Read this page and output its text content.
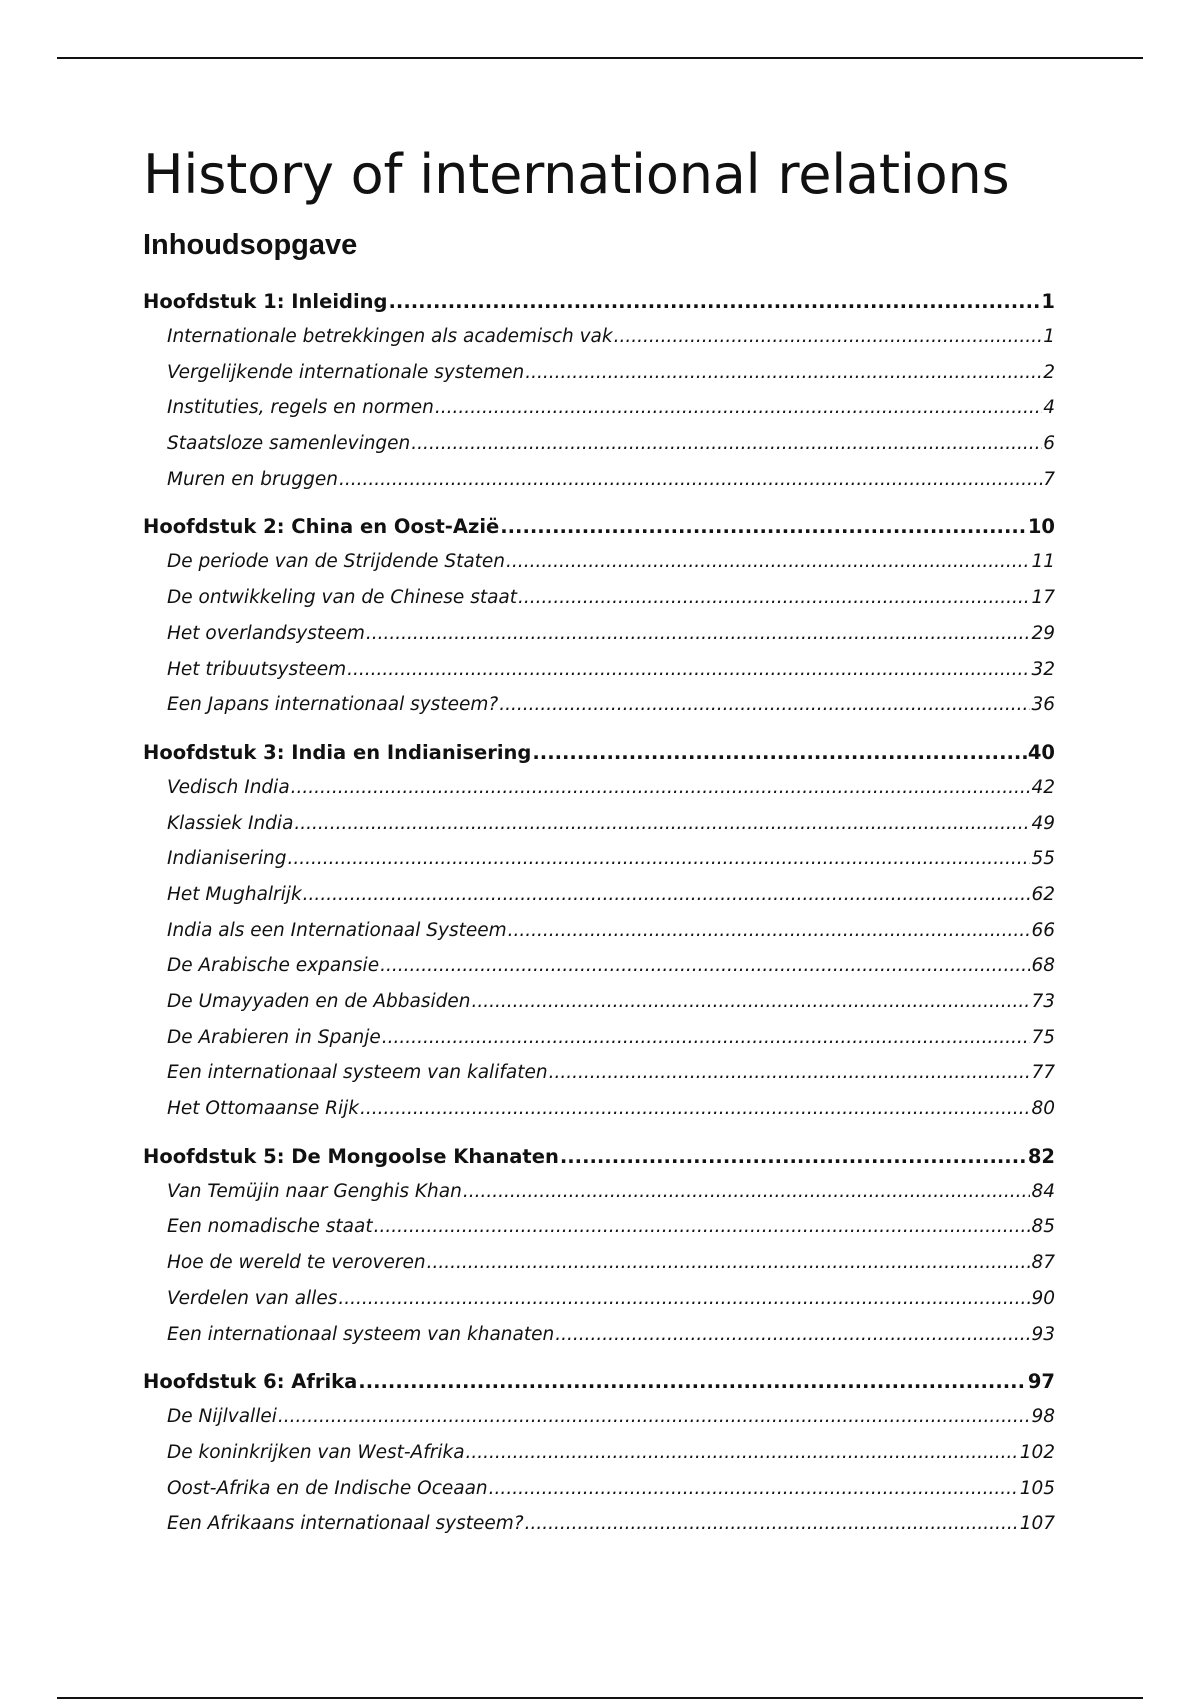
History of international relations
Inhoudsopgave
Hoofdstuk 1: Inleiding .....	1
Internationale betrekkingen als academisch vak .....	1
Vergelijkende internationale systemen .....	2
Instituties, regels en normen .....	4
Staatsloze samenlevingen .....	6
Muren en bruggen .....	7
Hoofdstuk 2: China en Oost-Azië .....	10
De periode van de Strijdende Staten .....	11
De ontwikkeling van de Chinese staat .....	17
Het overlandsysteem .....	29
Het tribuutsysteem .....	32
Een Japans internationaal systeem? .....	36
Hoofdstuk 3: India en Indianisering .....	40
Vedisch India .....	42
Klassiek India .....	49
Indianisering .....	55
Het Mughalrijk .....	62
India als een Internationaal Systeem .....	66
De Arabische expansie .....	68
De Umayyaden en de Abbasiden .....	73
De Arabieren in Spanje .....	75
Een internationaal systeem van kalifaten .....	77
Het Ottomaanse Rijk .....	80
Hoofdstuk 5: De Mongoolse Khanaten .....	82
Van Temüjin naar Genghis Khan .....	84
Een nomadische staat .....	85
Hoe de wereld te veroveren .....	87
Verdelen van alles .....	90
Een internationaal systeem van khanaten .....	93
Hoofdstuk 6: Afrika .....	97
De Nijlvallei .....	98
De koninkrijken van West-Afrika .....	102
Oost-Afrika en de Indische Oceaan .....	105
Een Afrikaans internationaal systeem? .....	107
